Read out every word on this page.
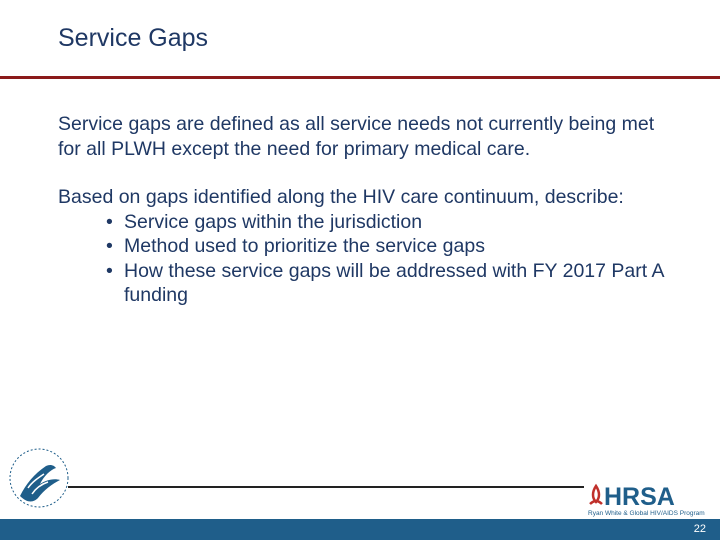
Service Gaps

Service gaps are defined as all service needs not currently being met for all PLWH except the need for primary medical care.

Based on gaps identified along the HIV care continuum, describe:

• Service gaps within the jurisdiction
• Method used to prioritize the service gaps
• How these service gaps will be addressed with FY 2017 Part A funding
HRSA
Ryan White & Global HIV/AIDS Program
22
